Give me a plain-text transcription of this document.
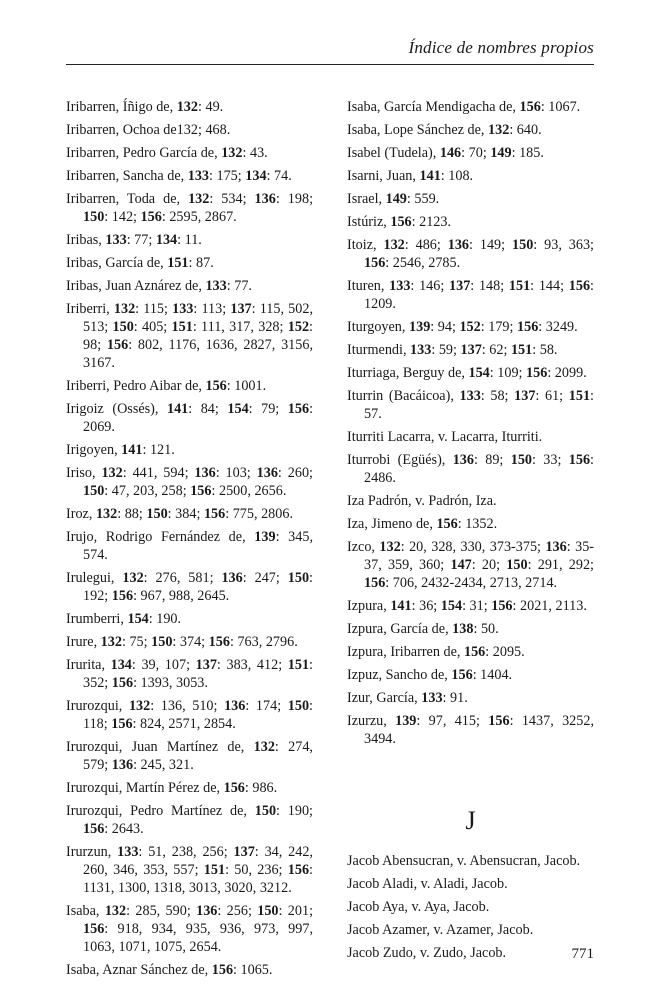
Índice de nombres propios
Iribarren, Íñigo de, 132: 49.
Iribarren, Ochoa de132; 468.
Iribarren, Pedro García de, 132: 43.
Iribarren, Sancha de, 133: 175; 134: 74.
Iribarren, Toda de, 132: 534; 136: 198; 150: 142; 156: 2595, 2867.
Iribas, 133: 77; 134: 11.
Iribas, García de, 151: 87.
Iribas, Juan Aznárez de, 133: 77.
Iriberri, 132: 115; 133: 113; 137: 115, 502, 513; 150: 405; 151: 111, 317, 328; 152: 98; 156: 802, 1176, 1636, 2827, 3156, 3167.
Iriberri, Pedro Aibar de, 156: 1001.
Irigoiz (Ossés), 141: 84; 154: 79; 156: 2069.
Irigoyen, 141: 121.
Iriso, 132: 441, 594; 136: 103; 136: 260; 150: 47, 203, 258; 156: 2500, 2656.
Iroz, 132: 88; 150: 384; 156: 775, 2806.
Irujo, Rodrigo Fernández de, 139: 345, 574.
Irulegui, 132: 276, 581; 136: 247; 150: 192; 156: 967, 988, 2645.
Irumberri, 154: 190.
Irure, 132: 75; 150: 374; 156: 763, 2796.
Irurita, 134: 39, 107; 137: 383, 412; 151: 352; 156: 1393, 3053.
Irurozqui, 132: 136, 510; 136: 174; 150: 118; 156: 824, 2571, 2854.
Irurozqui, Juan Martínez de, 132: 274, 579; 136: 245, 321.
Irurozqui, Martín Pérez de, 156: 986.
Irurozqui, Pedro Martínez de, 150: 190; 156: 2643.
Irurzun, 133: 51, 238, 256; 137: 34, 242, 260, 346, 353, 557; 151: 50, 236; 156: 1131, 1300, 1318, 3013, 3020, 3212.
Isaba, 132: 285, 590; 136: 256; 150: 201; 156: 918, 934, 935, 936, 973, 997, 1063, 1071, 1075, 2654.
Isaba, Aznar Sánchez de, 156: 1065.
Isaba, García Mendigacha de, 156: 1067.
Isaba, Lope Sánchez de, 132: 640.
Isabel (Tudela), 146: 70; 149: 185.
Isarni, Juan, 141: 108.
Israel, 149: 559.
Istúriz, 156: 2123.
Itoiz, 132: 486; 136: 149; 150: 93, 363; 156: 2546, 2785.
Ituren, 133: 146; 137: 148; 151: 144; 156: 1209.
Iturgoyen, 139: 94; 152: 179; 156: 3249.
Iturmendi, 133: 59; 137: 62; 151: 58.
Iturriaga, Berguy de, 154: 109; 156: 2099.
Iturrin (Bacáicoa), 133: 58; 137: 61; 151: 57.
Iturriti Lacarra, v. Lacarra, Iturriti.
Iturrobi (Egüés), 136: 89; 150: 33; 156: 2486.
Iza Padrón, v. Padrón, Iza.
Iza, Jimeno de, 156: 1352.
Izco, 132: 20, 328, 330, 373-375; 136: 35-37, 359, 360; 147: 20; 150: 291, 292; 156: 706, 2432-2434, 2713, 2714.
Izpura, 141: 36; 154: 31; 156: 2021, 2113.
Izpura, García de, 138: 50.
Izpura, Iribarren de, 156: 2095.
Izpuz, Sancho de, 156: 1404.
Izur, García, 133: 91.
Izurzu, 139: 97, 415; 156: 1437, 3252, 3494.
J
Jacob Abensucran, v. Abensucran, Jacob.
Jacob Aladi, v. Aladi, Jacob.
Jacob Aya, v. Aya, Jacob.
Jacob Azamer, v. Azamer, Jacob.
Jacob Zudo, v. Zudo, Jacob.	771
